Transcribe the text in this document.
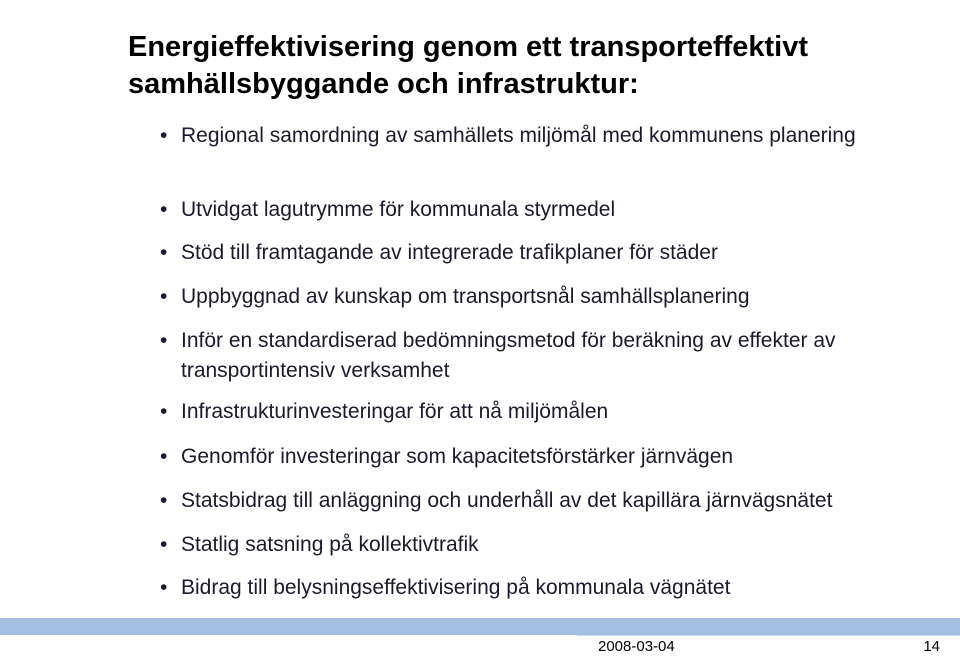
Energieffektivisering genom ett transporteffektivt samhällsbyggande och infrastruktur:
• Regional samordning av samhällets miljömål med kommunens planering
• Utvidgat lagutrymme för kommunala styrmedel
• Stöd till framtagande av integrerade trafikplaner för städer
• Uppbyggnad av kunskap om transportsnål samhällsplanering
• Inför en standardiserad bedömningsmetod för beräkning av effekter av transportintensiv verksamhet
• Infrastrukturinvesteringar för att nå miljömålen
• Genomför investeringar som kapacitetsförstärker järnvägen
• Statsbidrag till anläggning och underhåll av det kapillära järnvägsnätet
• Statlig satsning på kollektivtrafik
• Bidrag till belysningseffektivisering på kommunala vägnätet
2008-03-04	14
